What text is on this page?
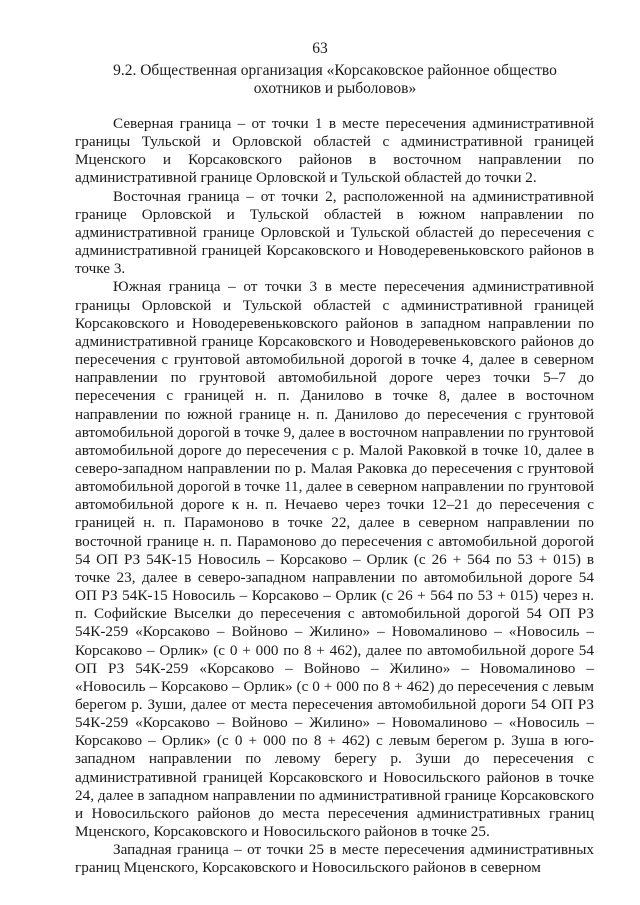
63
9.2. Общественная организация «Корсаковское районное общество охотников и рыболовов»

Северная граница – от точки 1 в месте пересечения административной границы Тульской и Орловской областей с административной границей Мценского и Корсаковского районов в восточном направлении по административной границе Орловской и Тульской областей до точки 2.

Восточная граница – от точки 2, расположенной на административной границе Орловской и Тульской областей в южном направлении по административной границе Орловской и Тульской областей до пересечения с административной границей Корсаковского и Новодеревеньковского районов в точке 3.

Южная граница – от точки 3 в месте пересечения административной границы Орловской и Тульской областей с административной границей Корсаковского и Новодеревеньковского районов в западном направлении по административной границе Корсаковского и Новодеревеньковского районов до пересечения с грунтовой автомобильной дорогой в точке 4, далее в северном направлении по грунтовой автомобильной дороге через точки 5–7 до пересечения с границей н. п. Данилово в точке 8, далее в восточном направлении по южной границе н. п. Данилово до пересечения с грунтовой автомобильной дорогой в точке 9, далее в восточном направлении по грунтовой автомобильной дороге до пересечения с р. Малой Раковкой в точке 10, далее в северо-западном направлении по р. Малая Раковка до пересечения с грунтовой автомобильной дорогой в точке 11, далее в северном направлении по грунтовой автомобильной дороге к н. п. Нечаево через точки 12–21 до пересечения с границей н. п. Парамоново в точке 22, далее в северном направлении по восточной границе н. п. Парамоново до пересечения с автомобильной дорогой 54 ОП РЗ 54К-15 Новосиль – Корсаково – Орлик (с 26 + 564 по 53 + 015) в точке 23, далее в северо-западном направлении по автомобильной дороге 54 ОП РЗ 54К-15 Новосиль – Корсаково – Орлик (с 26 + 564 по 53 + 015) через н. п. Софийские Выселки до пересечения с автомобильной дорогой 54 ОП РЗ 54К-259 «Корсаково – Войново – Жилино» – Новомалиново – «Новосиль – Корсаково – Орлик» (с 0 + 000 по 8 + 462), далее по автомобильной дороге 54 ОП РЗ 54К-259 «Корсаково – Войново – Жилино» – Новомалиново – «Новосиль – Корсаково – Орлик» (с 0 + 000 по 8 + 462) до пересечения с левым берегом р. Зуши, далее от места пересечения автомобильной дороги 54 ОП РЗ 54К-259 «Корсаково – Войново – Жилино» – Новомалиново – «Новосиль – Корсаково – Орлик» (с 0 + 000 по 8 + 462) с левым берегом р. Зуша в юго-западном направлении по левому берегу р. Зуши до пересечения с административной границей Корсаковского и Новосильского районов в точке 24, далее в западном направлении по административной границе Корсаковского и Новосильского районов до места пересечения административных границ Мценского, Корсаковского и Новосильского районов в точке 25.

Западная граница – от точки 25 в месте пересечения административных границ Мценского, Корсаковского и Новосильского районов в северном
